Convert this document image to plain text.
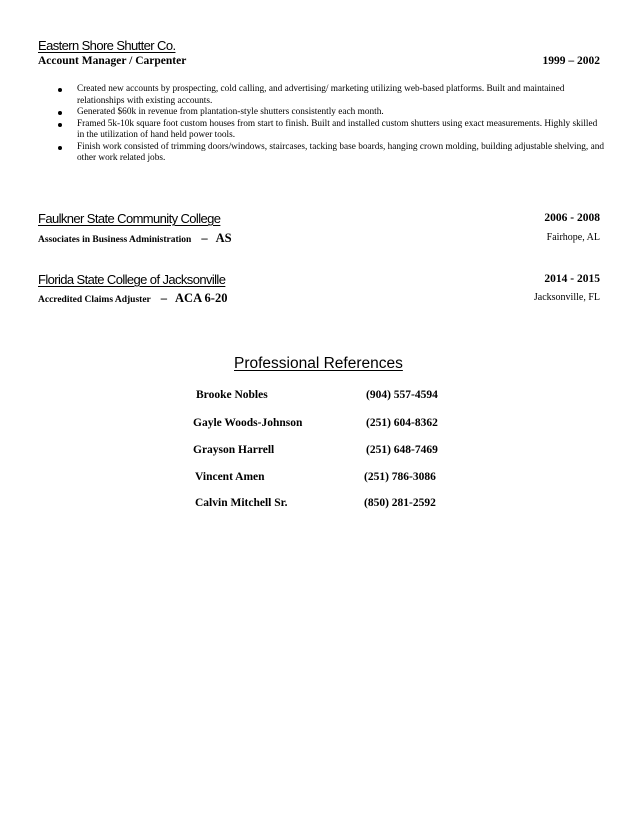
Eastern Shore Shutter Co.
Account Manager / Carpenter	1999 – 2002
Created new accounts by prospecting, cold calling, and advertising/ marketing utilizing web-based platforms. Built and maintained relationships with existing accounts.
Generated $60k in revenue from plantation-style shutters consistently each month.
Framed 5k-10k square foot custom houses from start to finish. Built and installed custom shutters using exact measurements. Highly skilled in the utilization of hand held power tools.
Finish work consisted of trimming doors/windows, staircases, tacking base boards, hanging crown molding, building adjustable shelving, and other work related jobs.
Faulkner State Community College	2006 - 2008
Associates in Business Administration – AS	Fairhope, AL
Florida State College of Jacksonville	2014 - 2015
Accredited Claims Adjuster – ACA 6-20	Jacksonville, FL
Professional References
Brooke Nobles	(904) 557-4594
Gayle Woods-Johnson	(251) 604-8362
Grayson Harrell	(251) 648-7469
Vincent Amen	(251) 786-3086
Calvin Mitchell Sr.	(850) 281-2592
